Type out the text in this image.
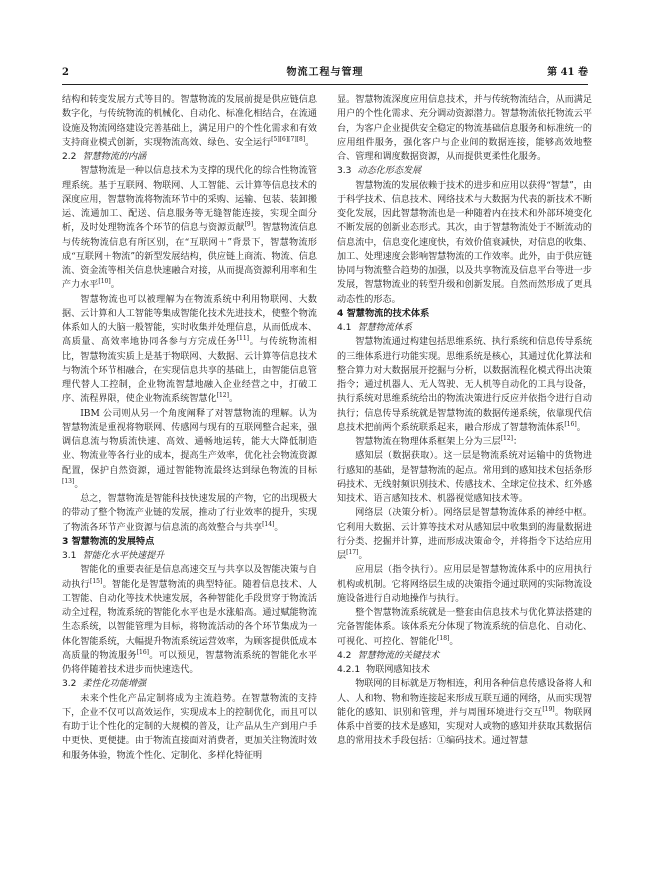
2	物流工程与管理	第 41 卷

结构和转变发展方式等目的。智慧物流的发展前提是供应链信息数字化，与传统物流的机械化、自动化、标准化相结合，在流通设施及物流网络建设完善基础上，满足用户的个性化需求和有效支持商业模式创新，实现物流高效、绿色、安全运行[5][6][7][8]。

2.2 智慧物流的内涵

智慧物流是一种以信息技术为支撑的现代化的综合性物流管理系统。基于互联网、物联网、人工智能、云计算等信息技术的深度应用，智慧物流将物流环节中的采购、运输、包装、装卸搬运、流通加工、配送、信息服务等无缝智能连接，实现全面分析，及时处理物流各个环节的信息与资源贡献[9]。智慧物流信息与传统物流信息有所区别，在“互联网＋”背景下，智慧物流形成“互联网＋物流”的新型发展结构，供应链上商流、物流、信息流、资金流等相关信息快速融合对接，从而提高资源利用率和生产力水平[10]。

智慧物流也可以被理解为在物流系统中利用物联网、大数据、云计算和人工智能等集成智能化技术先进技术，使整个物流体系如人的大脑一般智能，实时收集并处理信息，从而低成本、高质量、高效率地协同各参与方完成任务[11]。与传统物流相比，智慧物流实质上是基于物联网、大数据、云计算等信息技术与物流个环节相融合，在实现信息共享的基础上，由智能信息管理代替人工控制，企业物流智慧地融入企业经营之中，打破工序、流程界限，使企业物流系统智慧化[12]。

IBM 公司则从另一个角度阐释了对智慧物流的理解。认为智慧物流是重视将物联网、传感网与现有的互联网整合起来，强调信息流与物质流快速、高效、通畅地运转，能大大降低制造业、物流业等各行业的成本，提高生产效率，优化社会物流资源配置，保护自然资源，通过智能物流最终达到绿色物流的目标[13]。

总之，智慧物流是智能科技快速发展的产物，它的出现极大的带动了整个物流产业链的发展，推动了行业效率的提升，实现了物流各环节产业资源与信息流的高效整合与共享[14]。

3 智慧物流的发展特点
3.1 智能化水平快速提升

智能化的重要表征是信息高速交互与共享以及智能决策与自动执行[15]。智能化是智慧物流的典型特征。随着信息技术、人工智能、自动化等技术快速发展，各种智能化手段贯穿于物流活动全过程，物流系统的智能化水平也是水涨船高。通过赋能物流生态系统，以智能管理为目标，将物流活动的各个环节集成为一体化智能系统，大幅提升物流系统运营效率，为顾客提供低成本高质量的物流服务[16]。可以预见，智慧物流系统的智能化水平仍将伴随着技术进步而快速迭代。

3.2 柔性化功能增强

未来个性化产品定制将成为主流趋势。在智慧物流的支持下，企业不仅可以高效运作，实现成本上的控制优化，而且可以有助于让个性化的定制的大规模的普及，让产品从生产到用户手中更快、更便捷。由于物流直接面对消费者，更加关注物流时效和服务体验，物流个性化、定制化、多样化特征明

显。智慧物流深度应用信息技术，并与传统物流结合，从而满足用户的个性化需求、充分调动资源潜力。智慧物流依托物流云平台，为客户企业提供安全稳定的物流基础信息服务和标准统一的应用组件服务，强化客户与企业间的数据连接，能够高效地整合、管理和调度数据资源，从而提供更柔性化服务。

3.3 动态化形态发展

智慧物流的发展依赖于技术的进步和应用以获得“智慧”，由于科学技术、信息技术、网络技术与大数据为代表的新技术不断变化发展，因此智慧物流也是一种随着内在技术和外部环境变化不断发展的创新业态形式。其次，由于智慧物流处于不断流动的信息流中，信息变化速度快，有效价值衰减快，对信息的收集、加工、处理速度会影响智慧物流的工作效率。此外，由于供应链协同与物流整合趋势的加强，以及共享物流及信息平台等进一步发展，智慧物流业的转型升级和创新发展。自然而然形成了更具动态性的形态。

4 智慧物流的技术体系
4.1 智慧物流体系

智慧物流通过构建包括思维系统、执行系统和信息传导系统的三维体系进行功能实现。思维系统是核心，其通过优化算法和整合算力对大数据展开挖掘与分析，以数据流程化模式得出决策指令；通过机器人、无人驾驶、无人机等自动化的工具与设备，执行系统对思维系统给出的物流决策进行反应并依指令进行自动执行；信息传导系统就是智慧物流的数据传递系统，依靠现代信息技术把前两个系统联系起来，融合形成了智慧物流体系[16]。

智慧物流在物理体系框架上分为三层[12]：

感知层（数据获取）。这一层是物流系统对运输中的货物进行感知的基础，是智慧物流的起点。常用到的感知技术包括条形码技术、无线射频识别技术、传感技术、全球定位技术、红外感知技术、语言感知技术、机器视觉感知技术等。

网络层（决策分析）。网络层是智慧物流体系的神经中枢。它利用大数据、云计算等技术对从感知层中收集到的海量数据进行分类、挖掘并计算，进而形成决策命令，并将指令下达给应用层[17]。

应用层（指令执行）。应用层是智慧物流体系中的应用执行机构或机制。它将网络层生成的决策指令通过联网的实际物流设施设备进行自动地操作与执行。

整个智慧物流系统就是一整套由信息技术与优化算法搭建的完备智能体系。该体系充分体现了物流系统的信息化、自动化、可视化、可控化、智能化[18]。

4.2 智慧物流的关键技术
4.2.1 物联网感知技术

物联网的目标就是万物相连，利用各种信息传感设备将人和人、人和物、物和物连接起来形成互联互通的网络，从而实现智能化的感知、识别和管理，并与周围环境进行交互[19]。物联网体系中首要的技术是感知，实现对人或物的感知并获取其数据信息的常用技术手段包括：①编码技术。通过智慧
